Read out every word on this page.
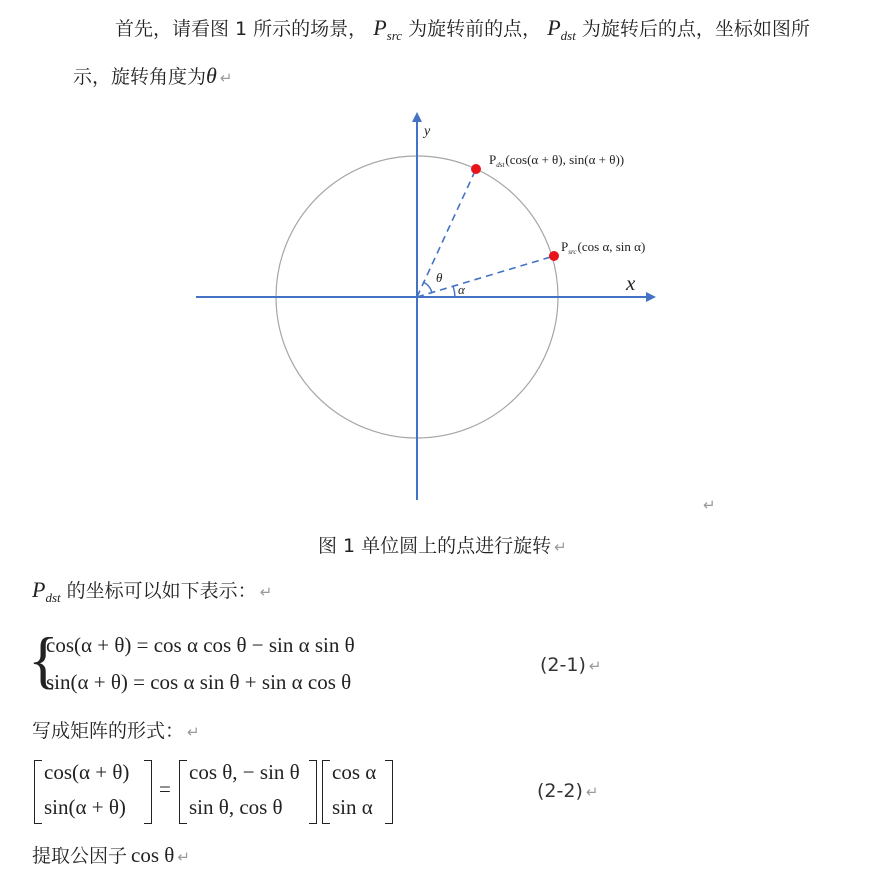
首先，请看图 1 所示的场景， $P_{src}$ 为旋转前的点， $P_{dst}$ 为旋转后的点，坐标如图所
示，旋转角度为θ ↵
y
x
θ
α
$P_{dst}(\cos(\alpha + \theta)$, sin(α + θ))
$P_{src}(\cos$ α, sin α)
↵
图 1 单位圆上的点进行旋转 ↵
$P_{dst}$ 的坐标可以如下表示： ↵
{
cos(α + θ) = cos α cos θ − sin α sin θ
sin(α + θ) = cos α sin θ + sin α cos θ
(2-1) ↵
写成矩阵的形式： ↵
cos(α + θ)
sin(α + θ)
=
cos θ, − sin θ
sin θ, cos θ
cos α
sin α
(2-2) ↵
提取公因子 cos θ ↵
